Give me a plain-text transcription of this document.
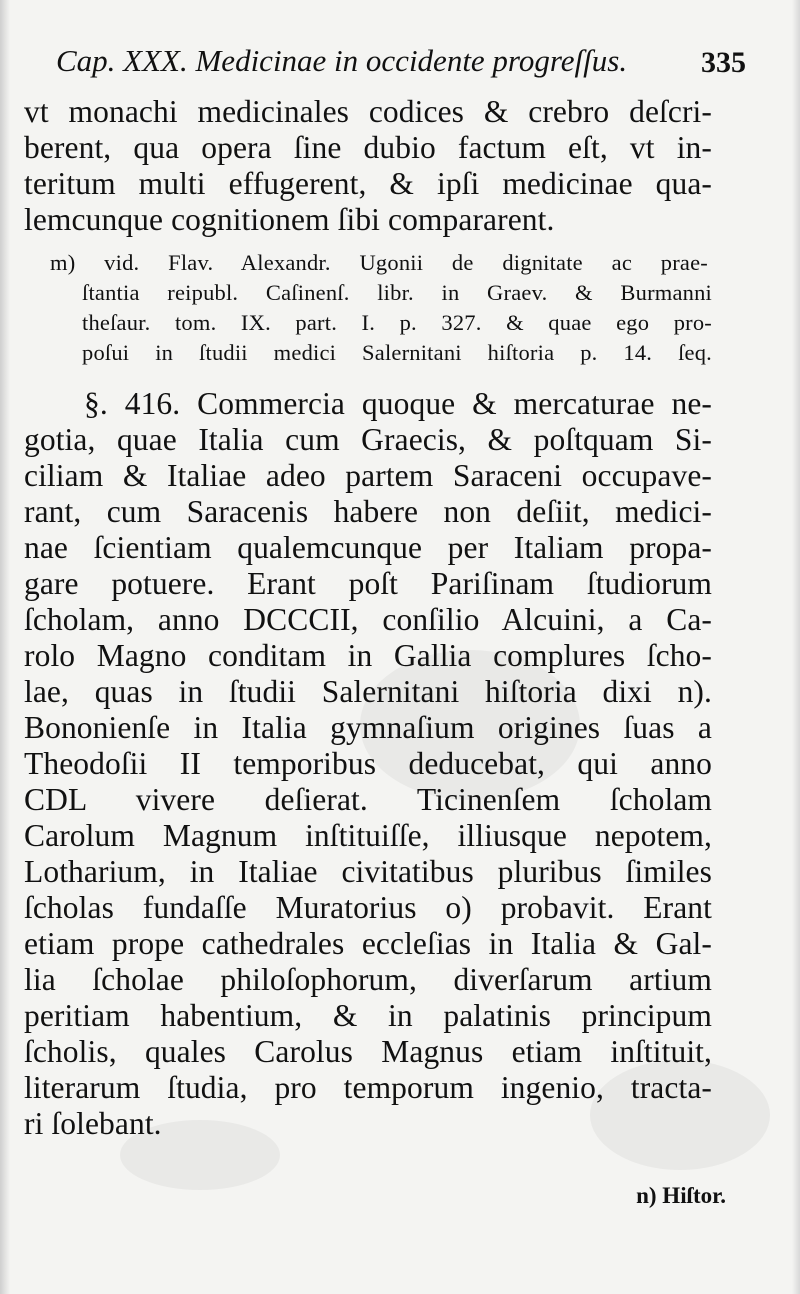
Cap. XXX. Medicinae in occidente progreſſus. 335
vt monachi medicinales codices & crebro deſcri-
berent, qua opera ſine dubio factum eſt, vt in-
teritum multi effugerent, & ipſi medicinae qua-
lemcunque cognitionem ſibi compararent.
m) vid. Flav. Alexandr. Ugonii de dignitate ac prae-
ſtantia reipubl. Caſinenſ. libr. in Graev. & Burmanni
theſaur. tom. IX. part. I. p. 327. & quae ego pro-
poſui in ſtudii medici Salernitani hiſtoria p. 14. ſeq.
§. 416. Commercia quoque & mercaturae ne-
gotia, quae Italia cum Graecis, & poſtquam Si-
ciliam & Italiae adeo partem Saraceni occupave-
rant, cum Saracenis habere non deſiit, medici-
nae ſcientiam qualemcunque per Italiam propa-
gare potuere. Erant poſt Pariſinam ſtudiorum
ſcholam, anno DCCCII, conſilio Alcuini, a Ca-
rolo Magno conditam in Gallia complures ſcho-
lae, quas in ſtudii Salernitani hiſtoria dixi n).
Bononienſe in Italia gymnaſium origines ſuas a
Theodoſii II temporibus deducebat, qui anno
CDL vivere deſierat. Ticinenſem ſcholam
Carolum Magnum inſtituiſſe, illiusque nepotem,
Lotharium, in Italiae civitatibus pluribus ſimiles
ſcholas fundaſſe Muratorius o) probavit. Erant
etiam prope cathedrales eccleſias in Italia & Gal-
lia ſcholae philoſophorum, diverſarum artium
peritiam habentium, & in palatinis principum
ſcholis, quales Carolus Magnus etiam inſtituit,
literarum ſtudia, pro temporum ingenio, tracta-
ri ſolebant.
n) Hiſtor.
